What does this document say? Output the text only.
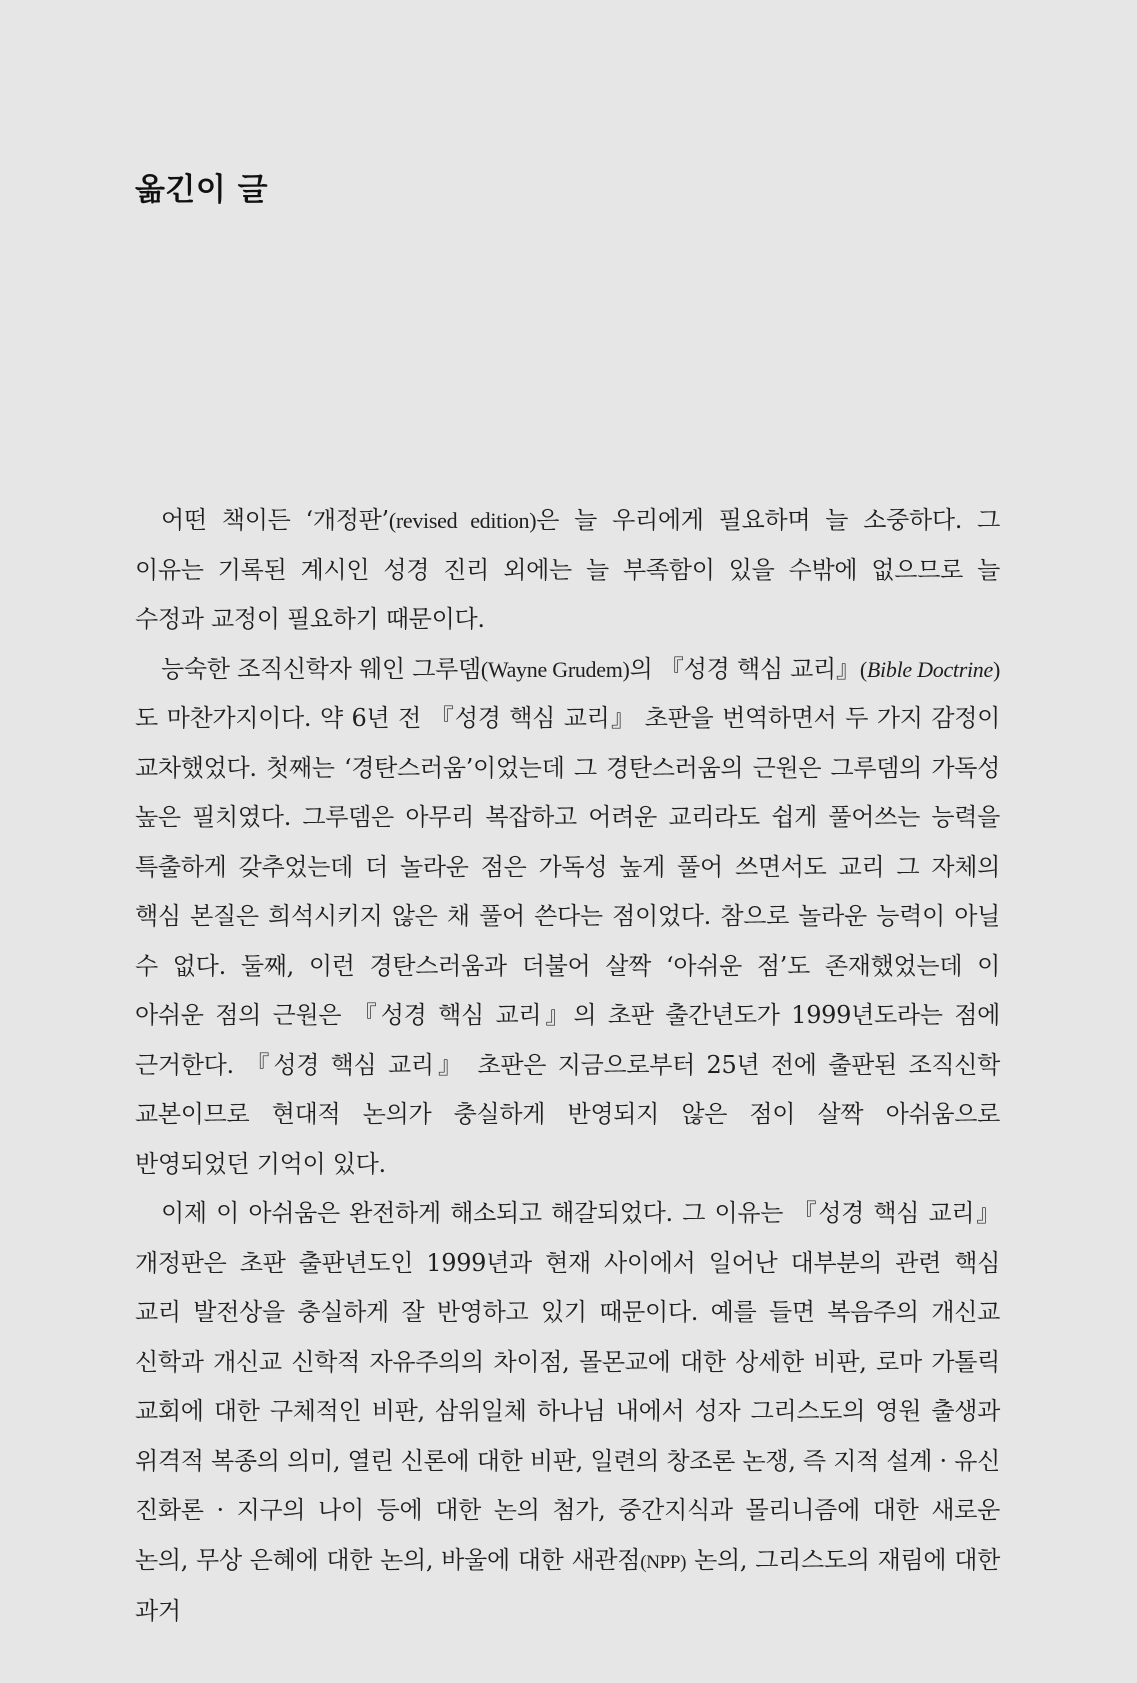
옮긴이 글

어떤 책이든 ‘개정판’(revised edition)은 늘 우리에게 필요하며 늘 소중하다. 그 이유는 기록된 계시인 성경 진리 외에는 늘 부족함이 있을 수밖에 없으므로 늘 수정과 교정이 필요하기 때문이다.

능숙한 조직신학자 웨인 그루뎀(Wayne Grudem)의 『성경 핵심 교리』(Bible Doctrine) 도 마찬가지이다. 약 6년 전 『성경 핵심 교리』 초판을 번역하면서 두 가지 감정이 교차했었다. 첫째는 ‘경탄스러움’이었는데 그 경탄스러움의 근원은 그루뎀의 가독성 높은 필치였다. 그루뎀은 아무리 복잡하고 어려운 교리라도 쉽게 풀어쓰는 능력을 특출하게 갖추었는데 더 놀라운 점은 가독성 높게 풀어 쓰면서도 교리 그 자체의 핵심 본질은 희석시키지 않은 채 풀어 쓴다는 점이었다. 참으로 놀라운 능력이 아닐 수 없다. 둘째, 이런 경탄스러움과 더불어 살짝 ‘아쉬운 점’도 존재했었는데 이 아쉬운 점의 근원은 『성경 핵심 교리』의 초판 출간년도가 1999년도라는 점에 근거한다. 『성경 핵심 교리』 초판은 지금으로부터 25년 전에 출판된 조직신학 교본이므로 현대적 논의가 충실하게 반영되지 않은 점이 살짝 아쉬움으로 반영되었던 기억이 있다.

이제 이 아쉬움은 완전하게 해소되고 해갈되었다. 그 이유는 『성경 핵심 교리』 개정판은 초판 출판년도인 1999년과 현재 사이에서 일어난 대부분의 관련 핵심 교리 발전상을 충실하게 잘 반영하고 있기 때문이다. 예를 들면 복음주의 개신교 신학과 개신교 신학적 자유주의의 차이점, 몰몬교에 대한 상세한 비판, 로마 가톨릭 교회에 대한 구체적인 비판, 삼위일체 하나님 내에서 성자 그리스도의 영원 출생과 위격적 복종의 의미, 열린 신론에 대한 비판, 일련의 창조론 논쟁, 즉 지적 설계 · 유신 진화론 · 지구의 나이 등에 대한 논의 첨가, 중간지식과 몰리니즘에 대한 새로운 논의, 무상 은혜에 대한 논의, 바울에 대한 새관점(NPP) 논의, 그리스도의 재림에 대한 과거
